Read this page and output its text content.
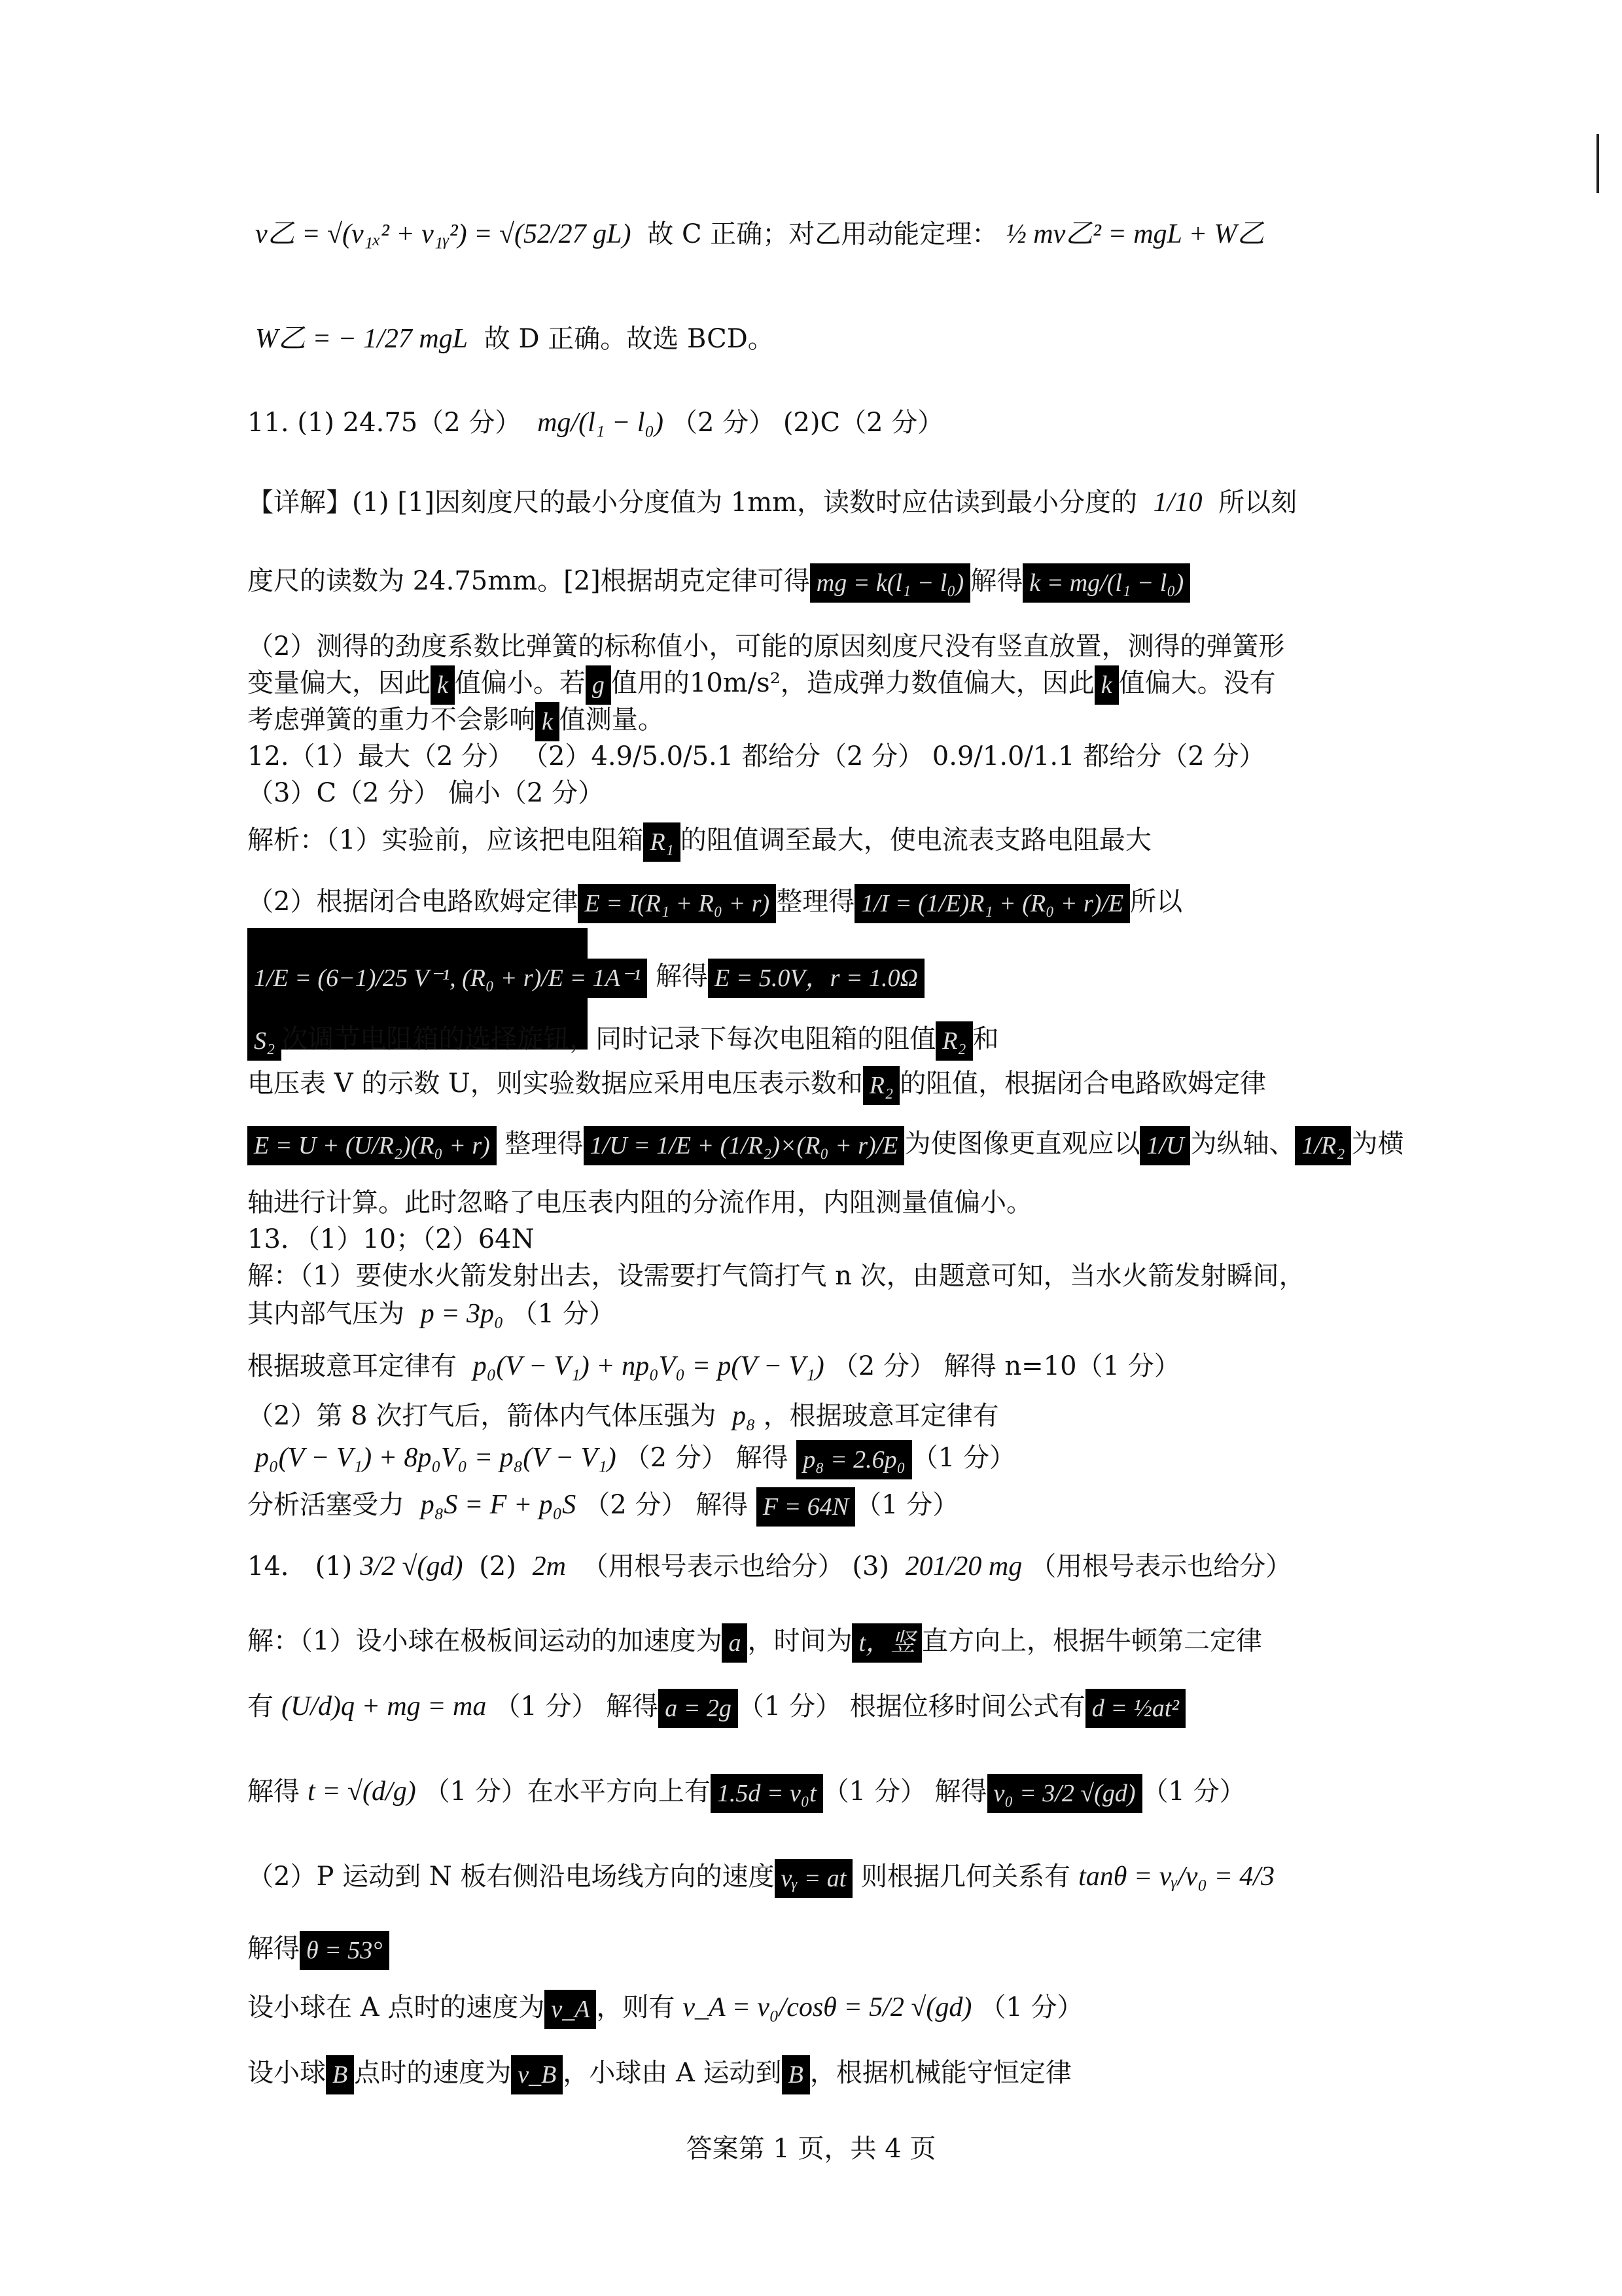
v乙 = √(v₁ₓ² + v₁ᵧ²) = √(52/27 gL) 故 C 正确；对乙用动能定理： ½ mv乙² = mgL + W乙
W乙 = − 1/27 mgL 故 D 正确。故选 BCD。
11. (1) 24.75（2 分） mg/(l₁ − l₀) （2 分） (2)C（2 分）
【详解】(1) [1]因刻度尺的最小分度值为 1mm，读数时应估读到最小分度的 1/10 所以刻
度尺的读数为 24.75mm。[2]根据胡克定律可得 mg = k(l₁ − l₀) 解得 k = mg/(l₁ − l₀)
（2）测得的劲度系数比弹簧的标称值小，可能的原因刻度尺没有竖直放置，测得的弹簧形
变量偏大，因此 k 值偏小。若 g 值用的10m/s²，造成弹力数值偏大，因此 k 值偏大。没有
考虑弹簧的重力不会影响 k 值测量。
12.（1）最大（2 分） （2）4.9/5.0/5.1 都给分（2 分） 0.9/1.0/1.1 都给分（2 分）
（3）C（2 分） 偏小（2 分）
解析：（1）实验前，应该把电阻箱 R₁ 的阻值调至最大，使电流表支路电阻最大
（2）根据闭合电路欧姆定律 E = I(R₁ + R₀ + r) 整理得 1/I = (1/E)R₁ + (R₀ + r)/E 所以
1/E = (6−1)/25 V⁻¹, (R₀ + r)/E = 1A⁻¹ 解得 E = 5.0V，r = 1.0Ω
S₂ 次调节电阻箱的选择旋钮，同时记录下每次电阻箱的阻值 R₂ 和
电压表 V 的示数 U，则实验数据应采用电压表示数和 R₂ 的阻值，根据闭合电路欧姆定律
E = U + (U/R₂)(R₀ + r) 整理得 1/U = 1/E + (1/R₂)×(R₀ + r)/E 为使图像更直观应以 1/U 为纵轴、 1/R₂ 为横
轴进行计算。此时忽略了电压表内阻的分流作用，内阻测量值偏小。
13．（1）10；（2）64N
解：（1）要使水火箭发射出去，设需要打气筒打气 n 次，由题意可知，当水火箭发射瞬间，
其内部气压为 p = 3p₀ （1 分）
根据玻意耳定律有 p₀(V − V₁) + np₀V₀ = p(V − V₁) （2 分） 解得 n=10（1 分）
（2）第 8 次打气后，箭体内气体压强为 p₈ ，根据玻意耳定律有
p₀(V − V₁) + 8p₀V₀ = p₈(V − V₁) （2 分） 解得 p₈ = 2.6p₀ （1 分）
分析活塞受力 p₈S = F + p₀S （2 分） 解得 F = 64N （1 分）
14． (1) 3/2 √(gd) (2) 2m （用根号表示也给分） (3) 201/20 mg （用根号表示也给分）
解：（1）设小球在极板间运动的加速度为 a ，时间为 t，竖 直方向上，根据牛顿第二定律
有 (U/d)q + mg = ma （1 分） 解得 a = 2g （1 分） 根据位移时间公式有 d = ½at²
解得 t = √(d/g) （1 分）在水平方向上有 1.5d = v₀t （1 分） 解得 v₀ = 3/2 √(gd) （1 分）
（2）P 运动到 N 板右侧沿电场线方向的速度 vᵧ = at 则根据几何关系有 tanθ = vᵧ/v₀ = 4/3
解得 θ = 53°
设小球在 A 点时的速度为 v_A ，则有 v_A = v₀/cosθ = 5/2 √(gd) （1 分）
设小球 B 点时的速度为 v_B ，小球由 A 运动到 B ，根据机械能守恒定律
答案第 1 页，共 4 页
